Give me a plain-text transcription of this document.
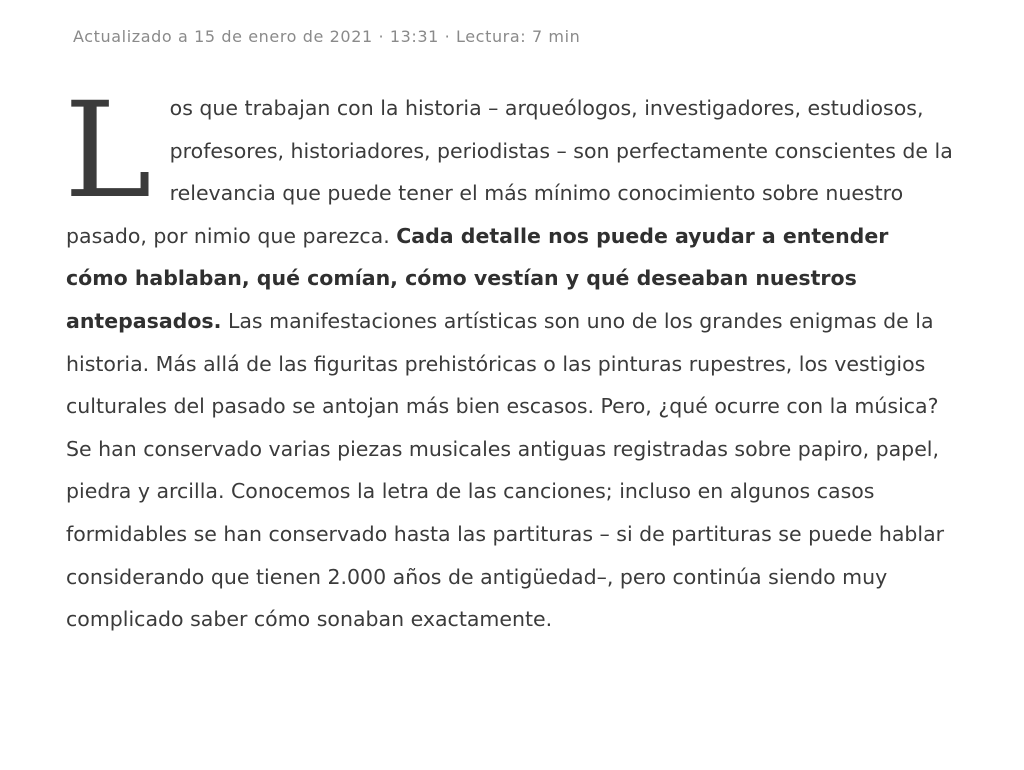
Actualizado a 15 de enero de 2021 · 13:31 · Lectura: 7 min

Los que trabajan con la historia – arqueólogos, investigadores, estudiosos, profesores, historiadores, periodistas – son perfectamente conscientes de la relevancia que puede tener el más mínimo conocimiento sobre nuestro pasado, por nimio que parezca. Cada detalle nos puede ayudar a entender cómo hablaban, qué comían, cómo vestían y qué deseaban nuestros antepasados. Las manifestaciones artísticas son uno de los grandes enigmas de la historia. Más allá de las figuritas prehistóricas o las pinturas rupestres, los vestigios culturales del pasado se antojan más bien escasos. Pero, ¿qué ocurre con la música? Se han conservado varias piezas musicales antiguas registradas sobre papiro, papel, piedra y arcilla. Conocemos la letra de las canciones; incluso en algunos casos formidables se han conservado hasta las partituras – si de partituras se puede hablar considerando que tienen 2.000 años de antigüedad–, pero continúa siendo muy complicado saber cómo sonaban exactamente.
